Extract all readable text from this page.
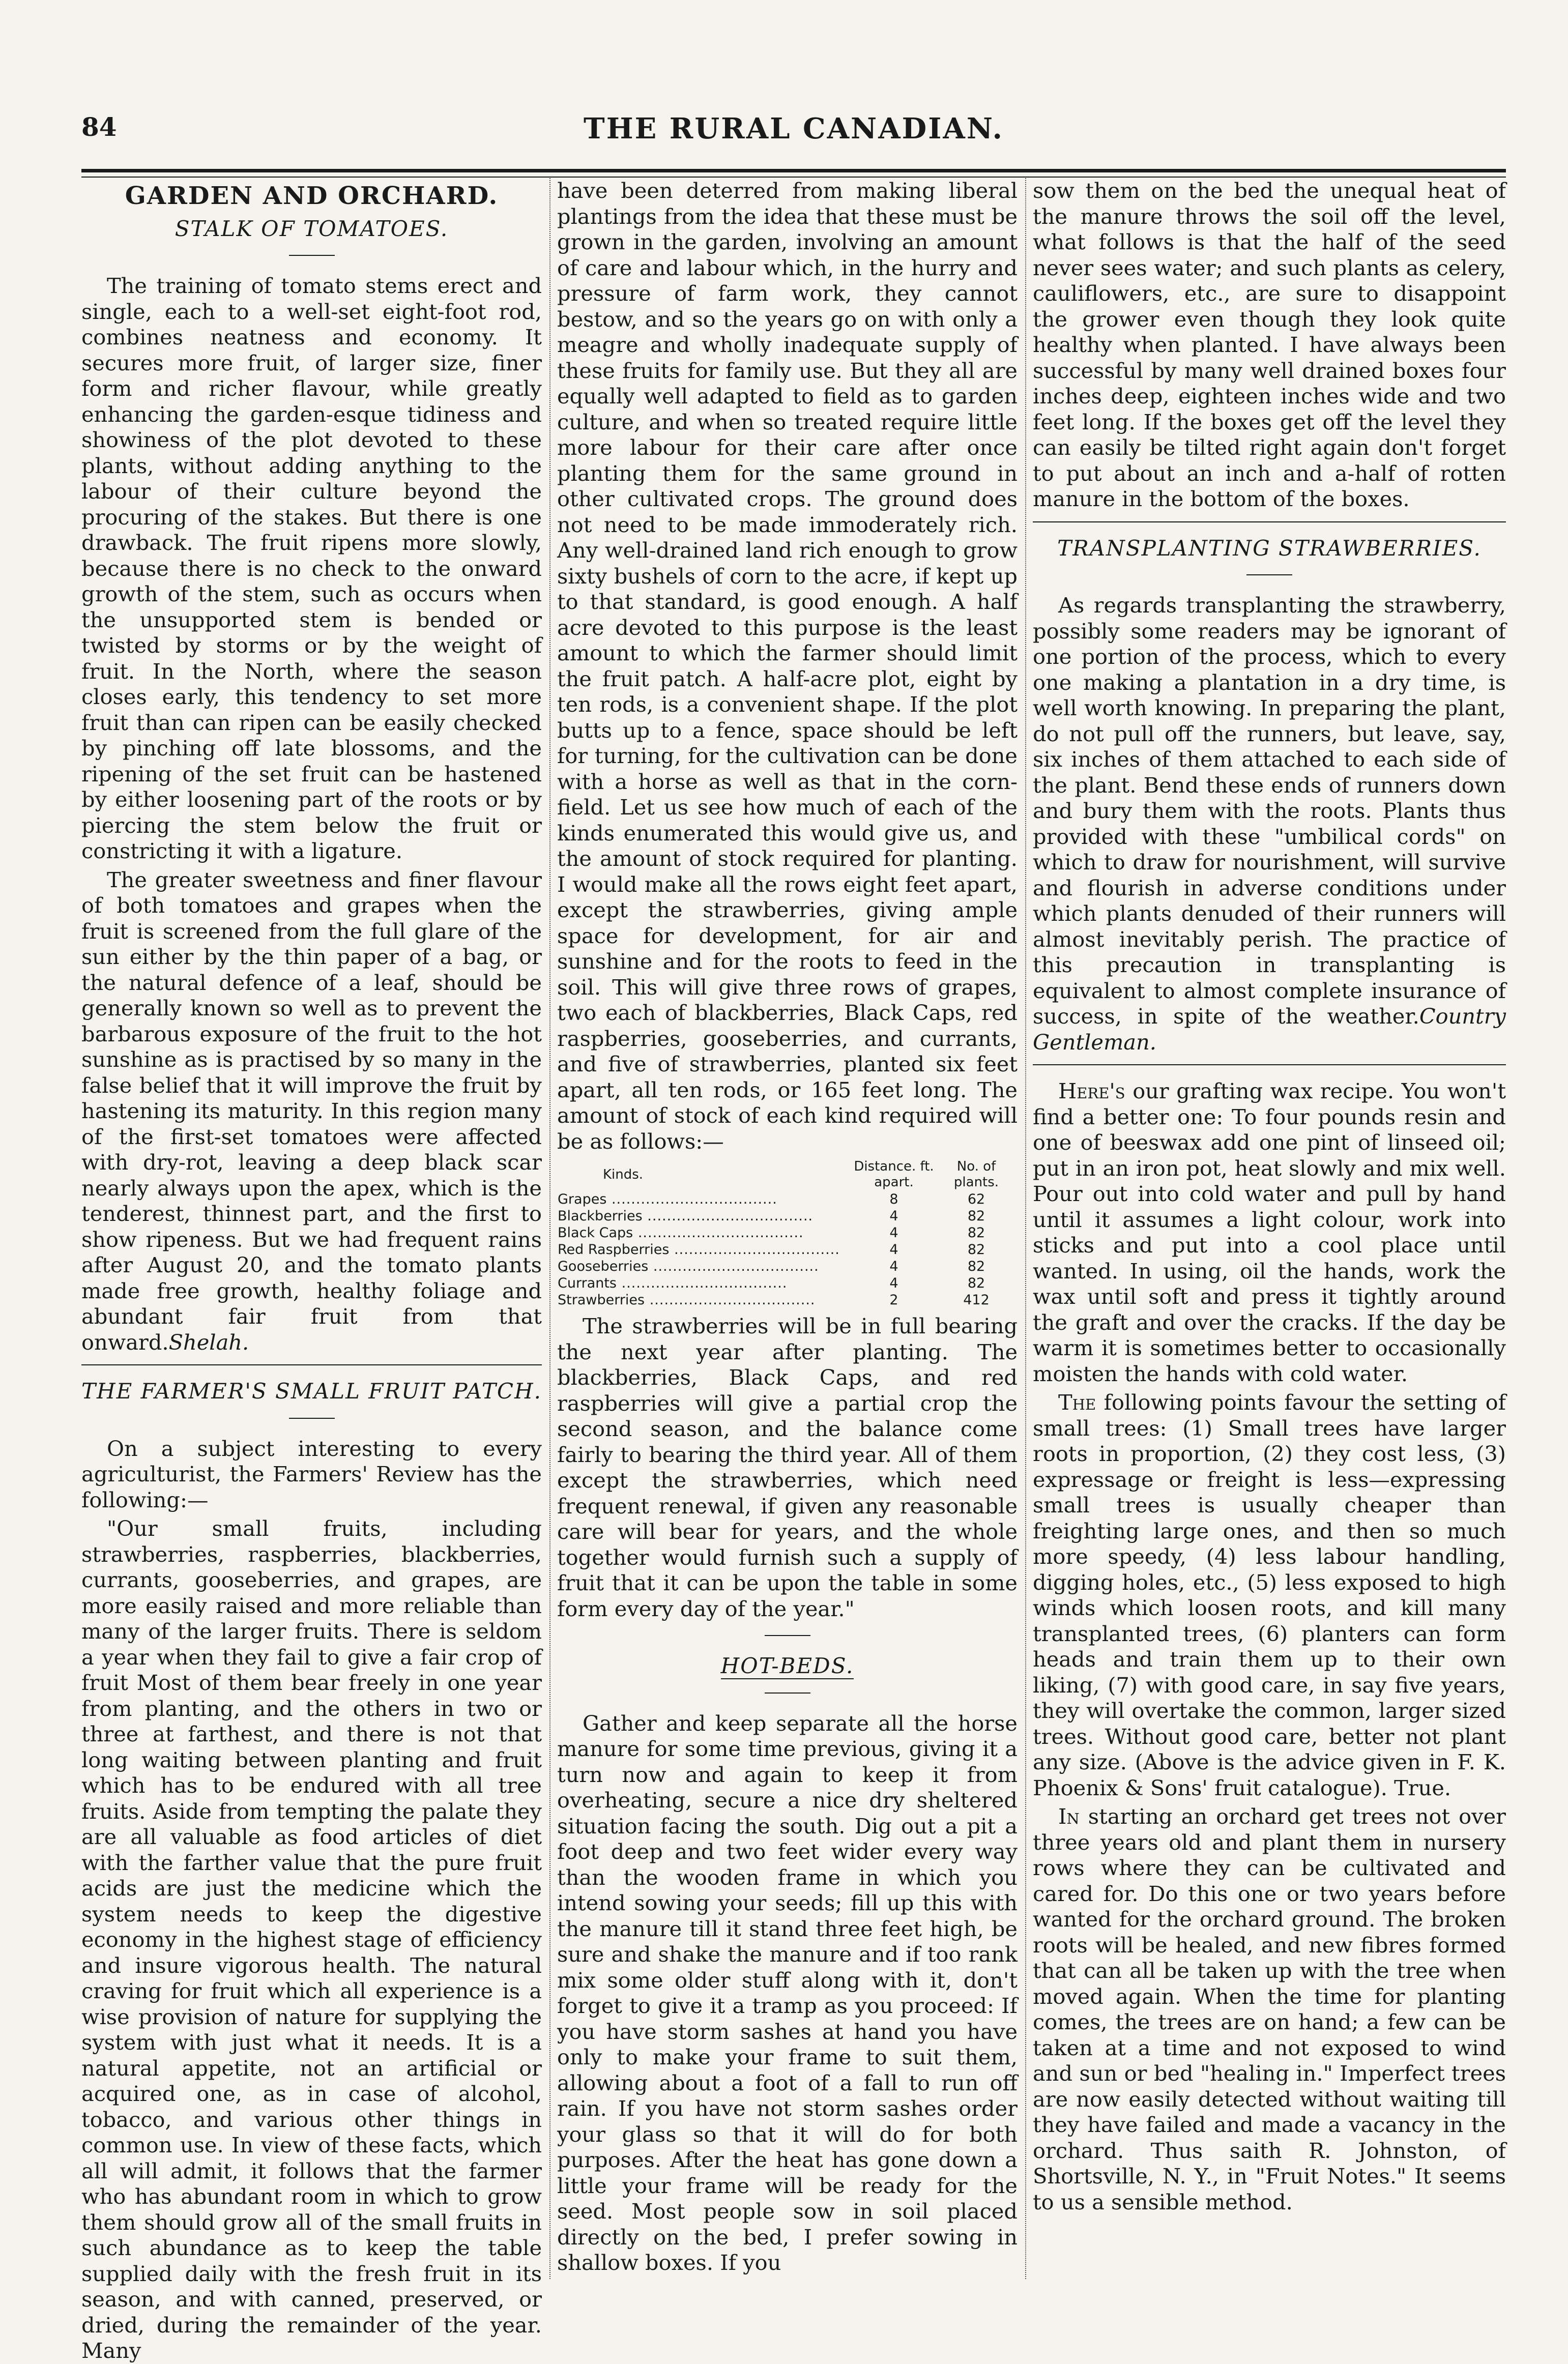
84	THE RURAL CANADIAN.
GARDEN AND ORCHARD.
STALK OF TOMATOES.

The training of tomato stems erect and single, each to a well-set eight-foot rod, combines neatness and economy. It secures more fruit, of larger size, finer form and richer flavour, while greatly enhancing the garden-esque tidiness and showiness of the plot devoted to these plants, without adding anything to the labour of their culture beyond the procuring of the stakes. But there is one drawback. The fruit ripens more slowly, because there is no check to the onward growth of the stem, such as occurs when the unsupported stem is bended or twisted by storms or by the weight of fruit. In the North, where the season closes early, this tendency to set more fruit than can ripen can be easily checked by pinching off late blossoms, and the ripening of the set fruit can be hastened by either loosening part of the roots or by piercing the stem below the fruit or constricting it with a ligature.

The greater sweetness and finer flavour of both tomatoes and grapes when the fruit is screened from the full glare of the sun either by the thin paper of a bag, or the natural defence of a leaf, should be generally known so well as to prevent the barbarous exposure of the fruit to the hot sunshine as is practised by so many in the false belief that it will improve the fruit by hastening its maturity. In this region many of the first-set tomatoes were affected with dry-rot, leaving a deep black scar nearly always upon the apex, which is the tenderest, thinnest part, and the first to show ripeness. But we had frequent rains after August 20, and the tomato plants made free growth, healthy foliage and abundant fair fruit from that onward.Shelah.

THE FARMER'S SMALL FRUIT PATCH.

On a subject interesting to every agriculturist, the Farmers' Review has the following:—

"Our small fruits, including strawberries, raspberries, blackberries, currants, gooseberries, and grapes, are more easily raised and more reliable than many of the larger fruits. There is seldom a year when they fail to give a fair crop of fruit Most of them bear freely in one year from planting, and the others in two or three at farthest, and there is not that long waiting between planting and fruit which has to be endured with all tree fruits. Aside from tempting the palate they are all valuable as food articles of diet with the farther value that the pure fruit acids are just the medicine which the system needs to keep the digestive economy in the highest stage of efficiency and insure vigorous health. The natural craving for fruit which all experience is a wise provision of nature for supplying the system with just what it needs. It is a natural appetite, not an artificial or acquired one, as in case of alcohol, tobacco, and various other things in common use. In view of these facts, which all will admit, it follows that the farmer who has abundant room in which to grow them should grow all of the small fruits in such abundance as to keep the table supplied daily with the fresh fruit in its season, and with canned, preserved, or dried, during the remainder of the year. Many

have been deterred from making liberal plantings from the idea that these must be grown in the garden, involving an amount of care and labour which, in the hurry and pressure of farm work, they cannot bestow, and so the years go on with only a meagre and wholly inadequate supply of these fruits for family use. But they all are equally well adapted to field as to garden culture, and when so treated require little more labour for their care after once planting them for the same ground in other cultivated crops. The ground does not need to be made immoderately rich. Any well-drained land rich enough to grow sixty bushels of corn to the acre, if kept up to that standard, is good enough. A half acre devoted to this purpose is the least amount to which the farmer should limit the fruit patch. A half-acre plot, eight by ten rods, is a convenient shape. If the plot butts up to a fence, space should be left for turning, for the cultivation can be done with a horse as well as that in the corn-field. Let us see how much of each of the kinds enumerated this would give us, and the amount of stock required for planting. I would make all the rows eight feet apart, except the strawberries, giving ample space for development, for air and sunshine and for the roots to feed in the soil. This will give three rows of grapes, two each of blackberries, Black Caps, red raspberries, gooseberries, and currants, and five of strawberries, planted six feet apart, all ten rods, or 165 feet long. The amount of stock of each kind required will be as follows:—

Kinds.	Distance. ft. apart.	No. of plants.
Grapes .....	8	62
Blackberries .....	4	82
Black Caps .....	4	82
Red Raspberries .....	4	82
Gooseberries .....	4	82
Currants .....	4	82
Strawberries .....	2	412

The strawberries will be in full bearing the next year after planting. The blackberries, Black Caps, and red raspberries will give a partial crop the second season, and the balance come fairly to bearing the third year. All of them except the strawberries, which need frequent renewal, if given any reasonable care will bear for years, and the whole together would furnish such a supply of fruit that it can be upon the table in some form every day of the year."

HOT-BEDS.

Gather and keep separate all the horse manure for some time previous, giving it a turn now and again to keep it from overheating, secure a nice dry sheltered situation facing the south. Dig out a pit a foot deep and two feet wider every way than the wooden frame in which you intend sowing your seeds; fill up this with the manure till it stand three feet high, be sure and shake the manure and if too rank mix some older stuff along with it, don't forget to give it a tramp as you proceed: If you have storm sashes at hand you have only to make your frame to suit them, allowing about a foot of a fall to run off rain. If you have not storm sashes order your glass so that it will do for both purposes. After the heat has gone down a little your frame will be ready for the seed. Most people sow in soil placed directly on the bed, I prefer sowing in shallow boxes. If you

sow them on the bed the unequal heat of the manure throws the soil off the level, what follows is that the half of the seed never sees water; and such plants as celery, cauliflowers, etc., are sure to disappoint the grower even though they look quite healthy when planted. I have always been successful by many well drained boxes four inches deep, eighteen inches wide and two feet long. If the boxes get off the level they can easily be tilted right again don't forget to put about an inch and a-half of rotten manure in the bottom of the boxes.

TRANSPLANTING STRAWBERRIES.

As regards transplanting the strawberry, possibly some readers may be ignorant of one portion of the process, which to every one making a plantation in a dry time, is well worth knowing. In preparing the plant, do not pull off the runners, but leave, say, six inches of them attached to each side of the plant. Bend these ends of runners down and bury them with the roots. Plants thus provided with these "umbilical cords" on which to draw for nourishment, will survive and flourish in adverse conditions under which plants denuded of their runners will almost inevitably perish. The practice of this precaution in transplanting is equivalent to almost complete insurance of success, in spite of the weather.Country Gentleman.

Here's our grafting wax recipe. You won't find a better one: To four pounds resin and one of beeswax add one pint of linseed oil; put in an iron pot, heat slowly and mix well. Pour out into cold water and pull by hand until it assumes a light colour, work into sticks and put into a cool place until wanted. In using, oil the hands, work the wax until soft and press it tightly around the graft and over the cracks. If the day be warm it is sometimes better to occasionally moisten the hands with cold water.

The following points favour the setting of small trees: (1) Small trees have larger roots in proportion, (2) they cost less, (3) expressage or freight is less—expressing small trees is usually cheaper than freighting large ones, and then so much more speedy, (4) less labour handling, digging holes, etc., (5) less exposed to high winds which loosen roots, and kill many transplanted trees, (6) planters can form heads and train them up to their own liking, (7) with good care, in say five years, they will overtake the common, larger sized trees. Without good care, better not plant any size. (Above is the advice given in F. K. Phoenix & Sons' fruit catalogue). True.

In starting an orchard get trees not over three years old and plant them in nursery rows where they can be cultivated and cared for. Do this one or two years before wanted for the orchard ground. The broken roots will be healed, and new fibres formed that can all be taken up with the tree when moved again. When the time for planting comes, the trees are on hand; a few can be taken at a time and not exposed to wind and sun or bed "healing in." Imperfect trees are now easily detected without waiting till they have failed and made a vacancy in the orchard. Thus saith R. Johnston, of Shortsville, N. Y., in "Fruit Notes." It seems to us a sensible method.
